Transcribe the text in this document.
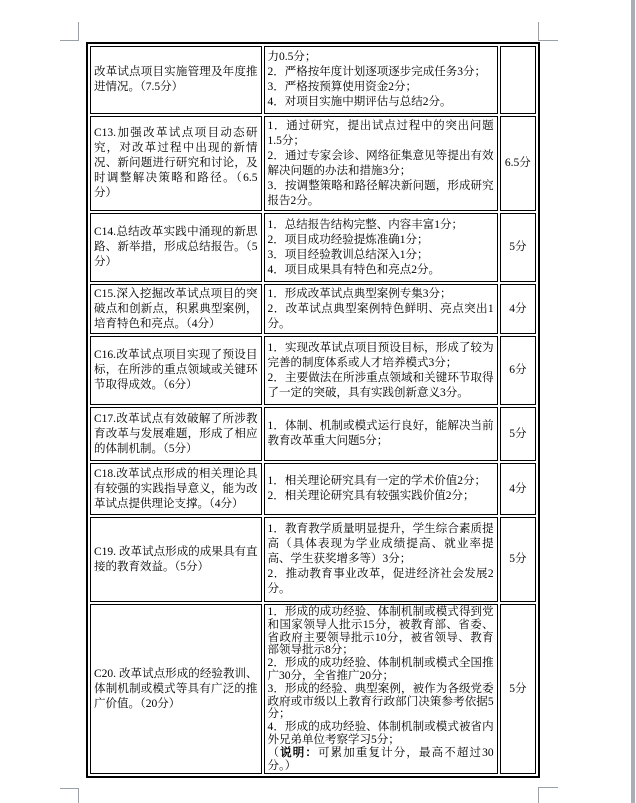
改革试点项目实施管理及年度推进情况。（7.5分）	力0.5分；
2．严格按年度计划逐项逐步完成任务3分；
3．严格按预算使用资金2分；
4．对项目实施中期评估与总结2分。	

C13.加强改革试点项目动态研究，对改革过程中出现的新情况、新问题进行研究和讨论，及时调整解决策略和路径。（6.5分）	1．通过研究，提出试点过程中的突出问题1.5分；
2．通过专家会诊、网络征集意见等提出有效解决问题的办法和措施3分；
3．按调整策略和路径解决新问题，形成研究报告2分。	6.5分
C14.总结改革实践中涌现的新思路、新举措，形成总结报告。（5分）	1．总结报告结构完整、内容丰富1分；
2．项目成功经验提炼准确1分；
3．项目经验教训总结深入1分；
4．项目成果具有特色和亮点2分。	5分
C15.深入挖掘改革试点项目的突破点和创新点，积累典型案例，培育特色和亮点。（4分）	1．形成改革试点典型案例专集3分；
2．改革试点典型案例特色鲜明、亮点突出1分。	4分
C16.改革试点项目实现了预设目标，在所涉的重点领域或关键环节取得成效。（6分）	1．实现改革试点项目预设目标，形成了较为完善的制度体系或人才培养模式3分；
2．主要做法在所涉重点领域和关键环节取得了一定的突破，具有实践创新意义3分。	6分
C17.改革试点有效破解了所涉教育改革与发展难题，形成了相应的体制机制。（5分）	1．体制、机制或模式运行良好，能解决当前教育改革重大问题5分；	5分
C18.改革试点形成的相关理论具有较强的实践指导意义，能为改革试点提供理论支撑。（4分）	1．相关理论研究具有一定的学术价值2分；
2．相关理论研究具有较强实践价值2分；	4分
C19. 改革试点形成的成果具有直接的教育效益。（5分）	1．教育教学质量明显提升，学生综合素质提高（具体表现为学业成绩提高、就业率提高、学生获奖增多等）3分；
2．推动教育事业改革，促进经济社会发展2分。	5分
C20. 改革试点形成的经验教训、体制机制或模式等具有广泛的推广价值。（20分）	1．形成的成功经验、体制机制或模式得到党和国家领导人批示15分，被教育部、省委、省政府主要领导批示10分，被省领导、教育部领导批示8分；
2．形成的成功经验、体制机制或模式全国推广30分，全省推广20分；
3．形成的经验、典型案例，被作为各级党委政府或市级以上教育行政部门决策参考依据5分；
4．形成的成功经验、体制机制或模式被省内外兄弟单位考察学习5分；
（说明：可累加重复计分，最高不超过30分。）	5分
